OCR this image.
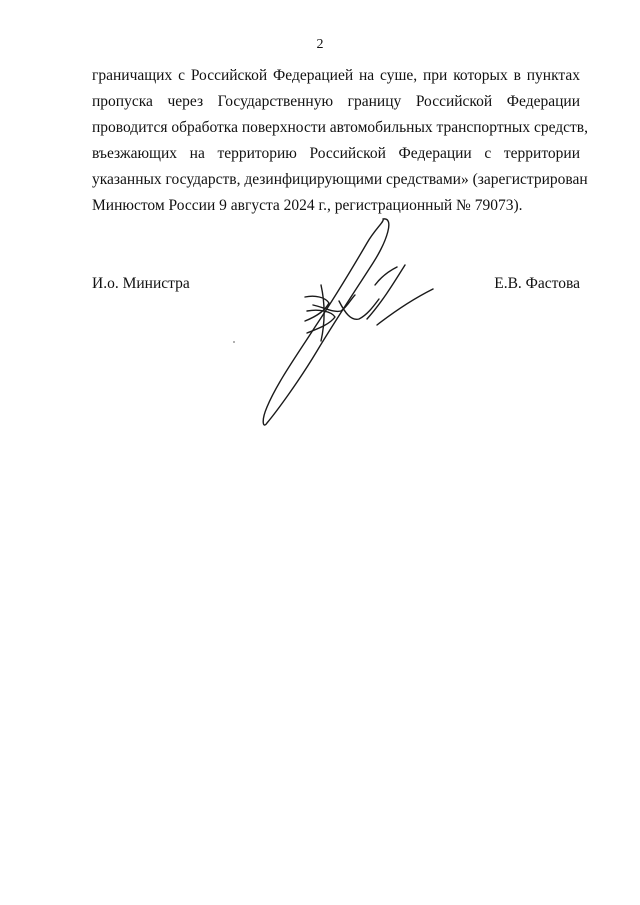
2
граничащих с Российской Федерацией на суше, при которых в пунктах
пропуска через Государственную границу Российской Федерации
проводится обработка поверхности автомобильных транспортных средств,
въезжающих на территорию Российской Федерации с территории
указанных государств, дезинфицирующими средствами» (зарегистрирован
Минюстом России 9 августа 2024 г., регистрационный № 79073).
И.о. Министра	Е.В. Фастова
